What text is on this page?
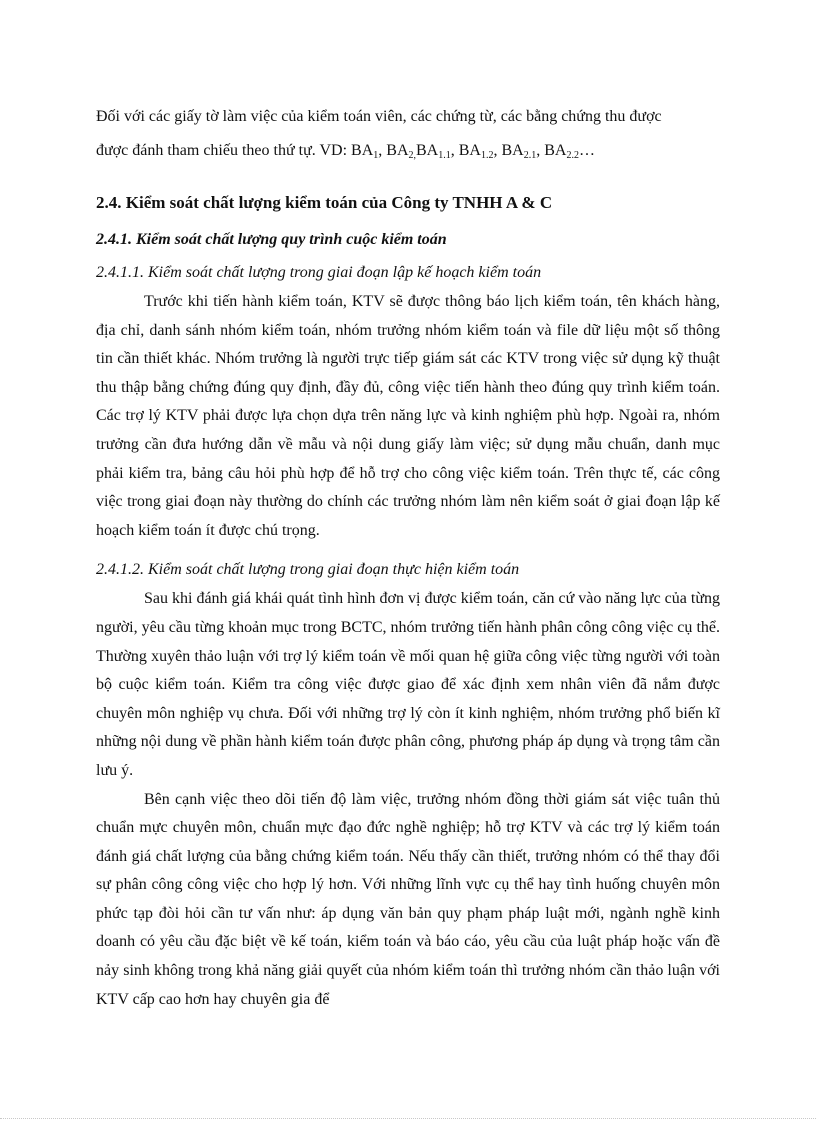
Đối với các giấy tờ làm việc của kiểm toán viên, các chứng từ, các bằng chứng thu được

được đánh tham chiếu theo thứ tự. VD: $BA_1$, $BA_{2,}BA_{1.1}$, $BA_{1.2}$, $BA_{2.1}$, $BA_{2.2}\dots$

2.4. Kiểm soát chất lượng kiểm toán của Công ty TNHH A & C

2.4.1. Kiểm soát chất lượng quy trình cuộc kiểm toán

2.4.1.1. Kiểm soát chất lượng trong giai đoạn lập kế hoạch kiểm toán

Trước khi tiến hành kiểm toán, KTV sẽ được thông báo lịch kiểm toán, tên khách hàng, địa chỉ, danh sánh nhóm kiểm toán, nhóm trưởng nhóm kiểm toán và file dữ liệu một số thông tin cần thiết khác. Nhóm trưởng là người trực tiếp giám sát các KTV trong việc sử dụng kỹ thuật thu thập bằng chứng đúng quy định, đầy đủ, công việc tiến hành theo đúng quy trình kiểm toán. Các trợ lý KTV phải được lựa chọn dựa trên năng lực và kinh nghiệm phù hợp. Ngoài ra, nhóm trưởng cần đưa hướng dẫn về mẫu và nội dung giấy làm việc; sử dụng mẫu chuẩn, danh mục phải kiểm tra, bảng câu hỏi phù hợp để hỗ trợ cho công việc kiểm toán. Trên thực tế, các công việc trong giai đoạn này thường do chính các trưởng nhóm làm nên kiểm soát ở giai đoạn lập kế hoạch kiểm toán ít được chú trọng.

2.4.1.2. Kiểm soát chất lượng trong giai đoạn thực hiện kiểm toán

Sau khi đánh giá khái quát tình hình đơn vị được kiểm toán, căn cứ vào năng lực của từng người, yêu cầu từng khoản mục trong BCTC, nhóm trưởng tiến hành phân công công việc cụ thể. Thường xuyên thảo luận với trợ lý kiểm toán về mối quan hệ giữa công việc từng người với toàn bộ cuộc kiểm toán. Kiểm tra công việc được giao để xác định xem nhân viên đã nắm được chuyên môn nghiệp vụ chưa. Đối với những trợ lý còn ít kinh nghiệm, nhóm trưởng phổ biến kĩ những nội dung về phần hành kiểm toán được phân công, phương pháp áp dụng và trọng tâm cần lưu ý.

Bên cạnh việc theo dõi tiến độ làm việc, trưởng nhóm đồng thời giám sát việc tuân thủ chuẩn mực chuyên môn, chuẩn mực đạo đức nghề nghiệp; hỗ trợ KTV và các trợ lý kiểm toán đánh giá chất lượng của bằng chứng kiểm toán. Nếu thấy cần thiết, trưởng nhóm có thể thay đổi sự phân công công việc cho hợp lý hơn. Với những lĩnh vực cụ thể hay tình huống chuyên môn phức tạp đòi hỏi cần tư vấn như: áp dụng văn bản quy phạm pháp luật mới, ngành nghề kinh doanh có yêu cầu đặc biệt về kế toán, kiểm toán và báo cáo, yêu cầu của luật pháp hoặc vấn đề nảy sinh không trong khả năng giải quyết của nhóm kiểm toán thì trưởng nhóm cần thảo luận với KTV cấp cao hơn hay chuyên gia để
